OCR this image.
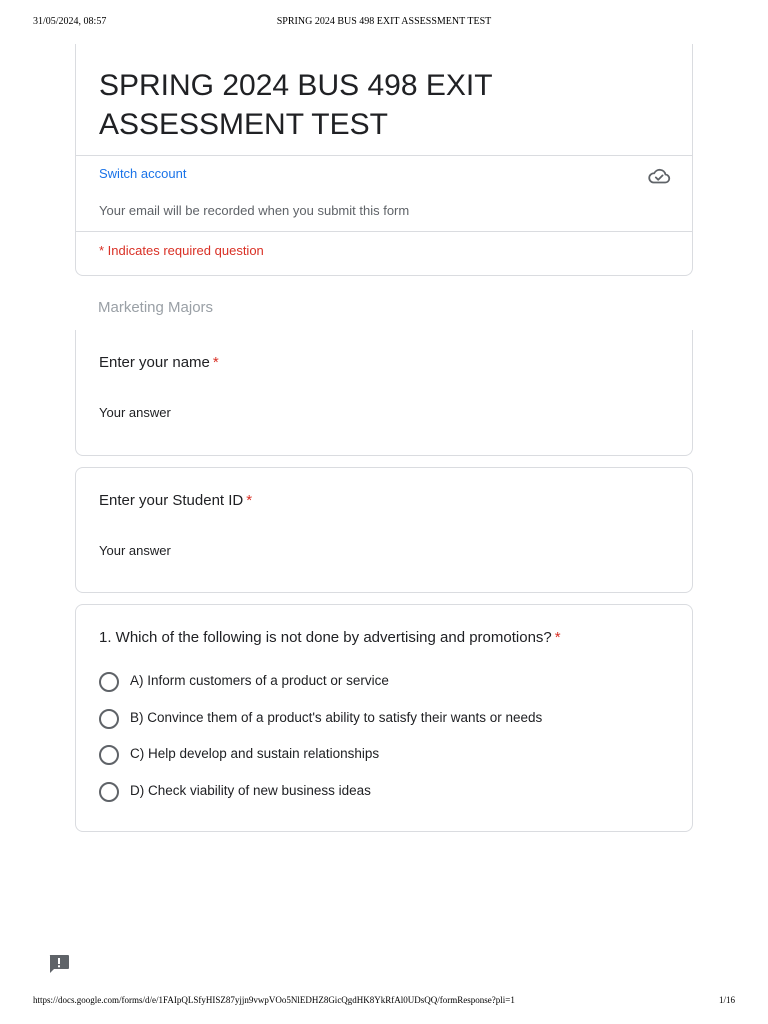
31/05/2024, 08:57	SPRING 2024 BUS 498 EXIT ASSESSMENT TEST
SPRING 2024 BUS 498 EXIT ASSESSMENT TEST
Switch account
Your email will be recorded when you submit this form
* Indicates required question
Marketing Majors
Enter your name *
Your answer
Enter your Student ID *
Your answer
1. Which of the following is not done by advertising and promotions? *
A) Inform customers of a product or service
B) Convince them of a product's ability to satisfy their wants or needs
C) Help develop and sustain relationships
D) Check viability of new business ideas
https://docs.google.com/forms/d/e/1FAIpQLSfyHISZ87yjjn9vwpVOo5NlEDHZ8GicQgdHK8YkRfAl0UDsQQ/formResponse?pli=1	1/16
